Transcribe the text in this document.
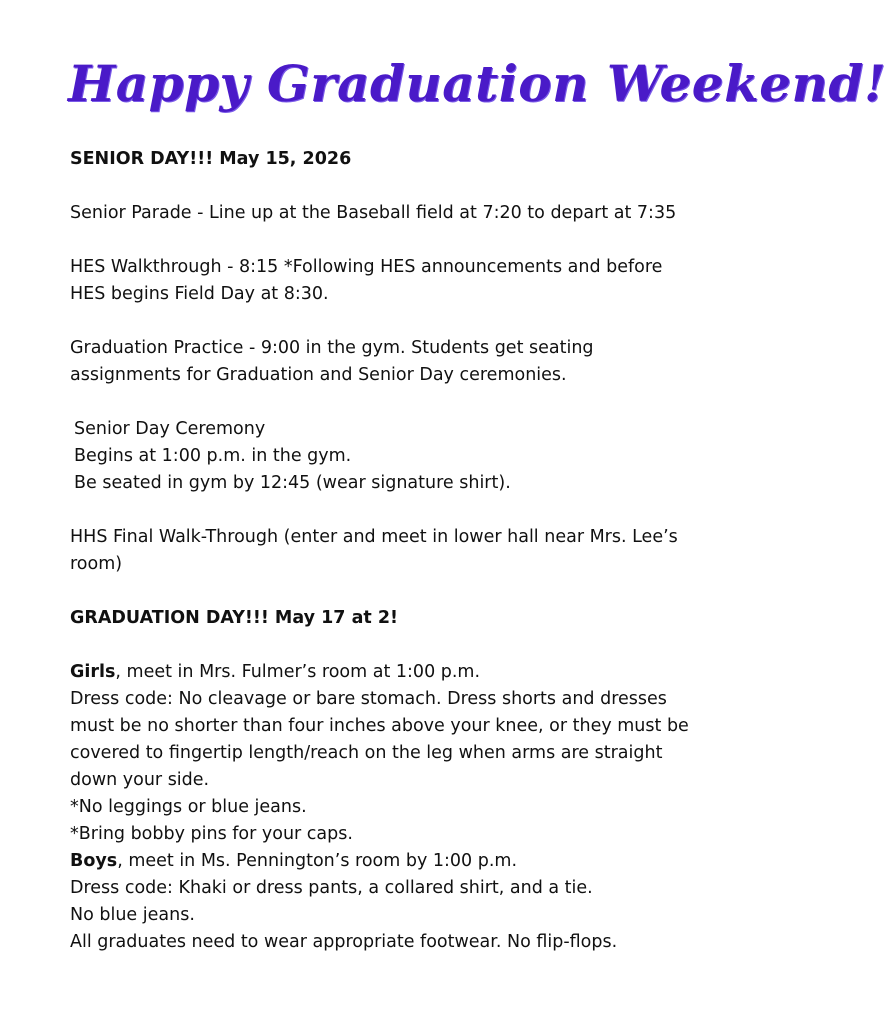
Happy Graduation Weekend!
SENIOR DAY!!! May 15, 2026
Senior Parade - Line up at the Baseball field at 7:20 to depart at 7:35
HES Walkthrough - 8:15 *Following HES announcements and before
HES begins Field Day at 8:30.
Graduation Practice - 9:00 in the gym. Students get seating
assignments for Graduation and Senior Day ceremonies.
Senior Day Ceremony
Begins at 1:00 p.m. in the gym.
Be seated in gym by 12:45 (wear signature shirt).
HHS Final Walk-Through (enter and meet in lower hall near Mrs. Lee’s
room)
GRADUATION DAY!!! May 17 at 2!
Girls, meet in Mrs. Fulmer’s room at 1:00 p.m.
Dress code: No cleavage or bare stomach. Dress shorts and dresses
must be no shorter than four inches above your knee, or they must be
covered to fingertip length/reach on the leg when arms are straight
down your side.
*No leggings or blue jeans.
*Bring bobby pins for your caps.
Boys, meet in Ms. Pennington’s room by 1:00 p.m.
Dress code: Khaki or dress pants, a collared shirt, and a tie.
No blue jeans.
All graduates need to wear appropriate footwear. No flip-flops.
